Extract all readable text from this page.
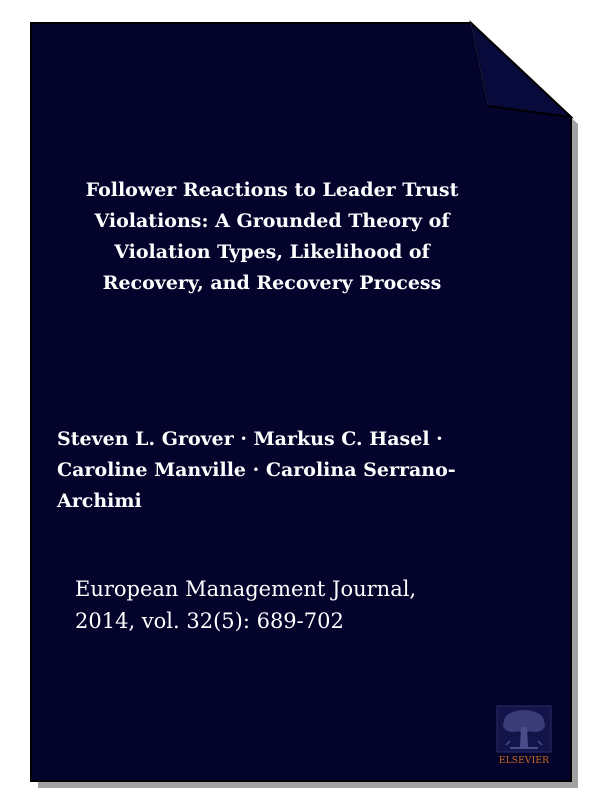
Follower Reactions to Leader Trust Violations: A Grounded Theory of Violation Types, Likelihood of Recovery, and Recovery Process

Steven L. Grover · Markus C. Hasel · Caroline Manville · Carolina Serrano-Archimi

European Management Journal,
2014, vol. 32(5): 689-702

ELSEVIER
